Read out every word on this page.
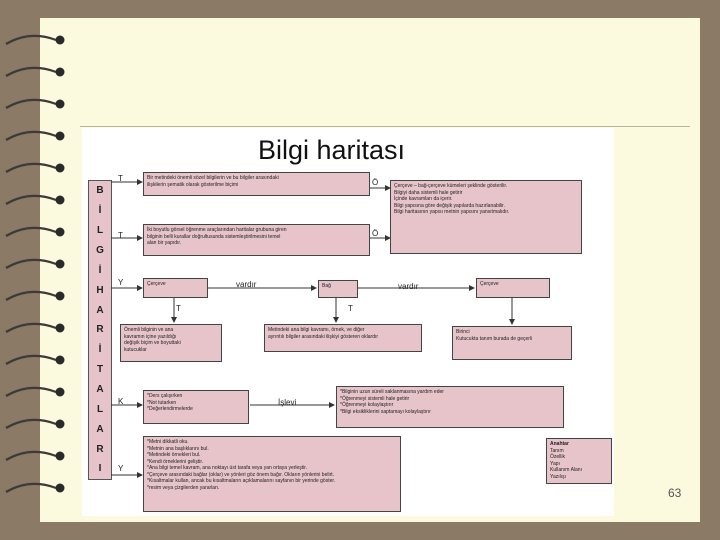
Bilgi haritası
B
İ
L
G
İ
H
A
R
İ
T
A
L
A
R
I
T	Bir metindeki önemli sözel bilgilerin ve bu bilgiler arasındaki
ilişkilerin şematik olarak gösterilme biçimi	Ö	Çerçeve – bağ-çerçeve kümeleri şeklinde gösterilir.
Bilgiyi daha sistemli hale getirir
İçinde kavramları da içerir.
Bilgi yapısına göre değişik yapılarda hazırlanabilir.
Bilgi haritasının yapısı metnin yapısını yansıtmalıdır.
T
İki boyutlu görsel öğrenme araçlarından haritalar grubuna giren
bilginin belli kurallar doğrultusunda sistemleştirilmesini temel
alan bir yapıdır.
Ö
Y	Çerçeve	vardır	Bağ	vardır	Çerçeve
T	T
Önemli bilginin ve ana
kavramın içine yazıldığı
değişik biçim ve boyuttaki
kutucuklar
Metindeki ana bilgi kavramı, örnek, ve diğer
ayrıntılı bilgiler arasındaki ilişkiyi gösteren oklardır
Birinci
Kutucukta tanım burada de geçerli
K
*Ders çalışırken
*Not tutarken
*Değerlendirmelerde
İşlevi
*Bilginin uzun süreli saklanmasına yardım eder
*Öğrenmeyi sistemli hale getirir
*Öğrenmeyi kolaylaştırır
*Bilgi eksikliklerini saptamayı kolaylaştırır
Y
*Metni dikkatli oku.
*Metnin ana başlıklarını bul.
*Metindeki örnekleri bul.
*Kendi örneklerini geliştir.
*Ana bilgi temel kavram, ana noktayı üst tarafa veya yan ortaya yerleştir.
*Çerçeve arasındaki bağlar (oklar) ve yönleri göz önem bağır. Okların yönlerini belirt.
*Kısaltmalar kullan, ancak bu kısaltmaların açıklamalarını sayfanın bir yerinde göster.
*resim veya çizgilerden yararlan.
Anahtar
Tanım
Özellik
Yapı
Kullanım Alanı
Yazılışı
63
